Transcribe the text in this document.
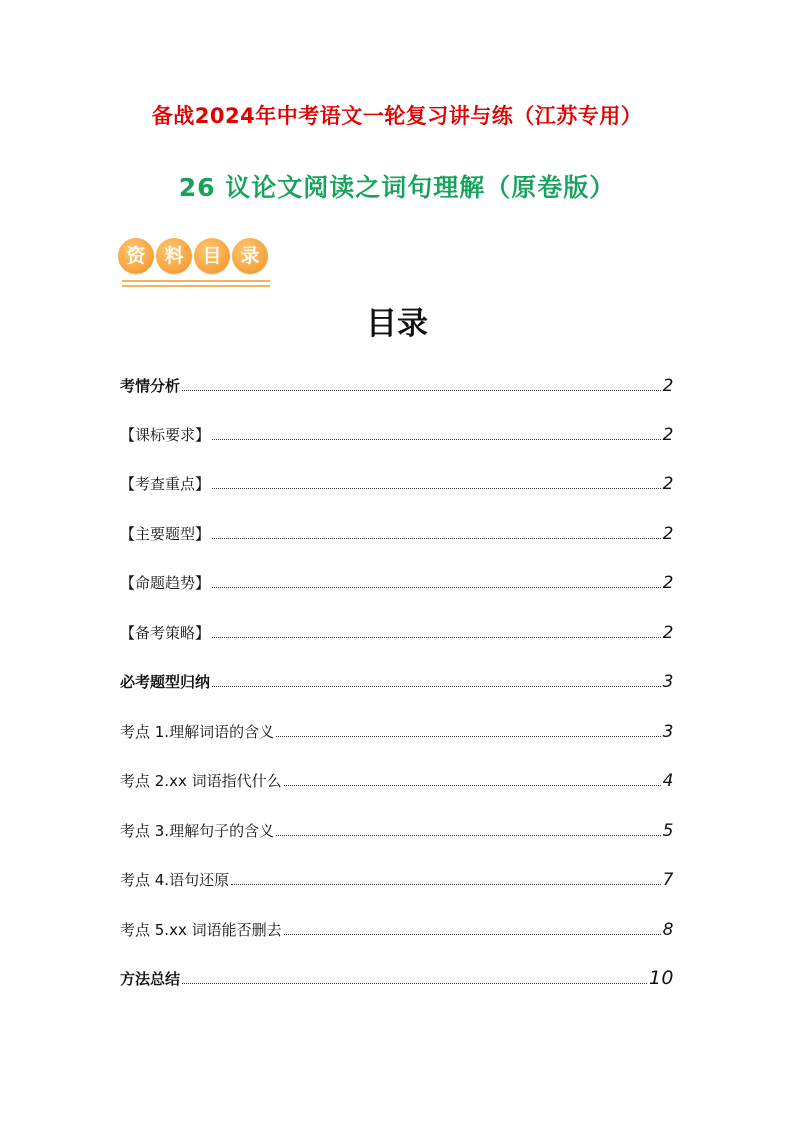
备战2024年中考语文一轮复习讲与练（江苏专用）
26 议论文阅读之词句理解（原卷版）
资 料 目 录
目录
考情分析	2
【课标要求】	2
【考查重点】	2
【主要题型】	2
【命题趋势】	2
【备考策略】	2
必考题型归纳	3
考点 1.理解词语的含义	3
考点 2.xx 词语指代什么	4
考点 3.理解句子的含义	5
考点 4.语句还原	7
考点 5.xx 词语能否删去	8
方法总结	10
